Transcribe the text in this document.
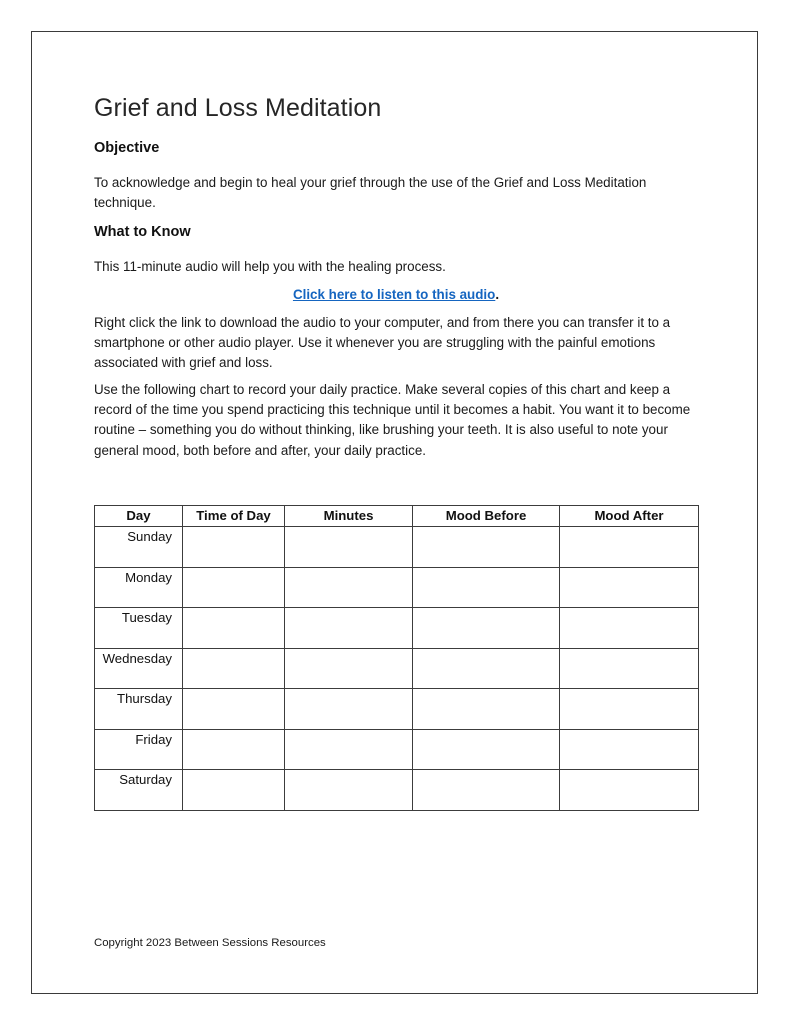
Grief and Loss Meditation
Objective

To acknowledge and begin to heal your grief through the use of the Grief and Loss Meditation technique.

What to Know

This 11-minute audio will help you with the healing process.

Click here to listen to this audio.

Right click the link to download the audio to your computer, and from there you can transfer it to a smartphone or other audio player. Use it whenever you are struggling with the painful emotions associated with grief and loss.

Use the following chart to record your daily practice. Make several copies of this chart and keep a record of the time you spend practicing this technique until it becomes a habit. You want it to become routine – something you do without thinking, like brushing your teeth. It is also useful to note your general mood, both before and after, your daily practice.

Day	Time of Day	Minutes	Mood Before	Mood After
Sunday				
Monday				
Tuesday				
Wednesday				
Thursday				
Friday				
Saturday				
Copyright 2023 Between Sessions Resources
